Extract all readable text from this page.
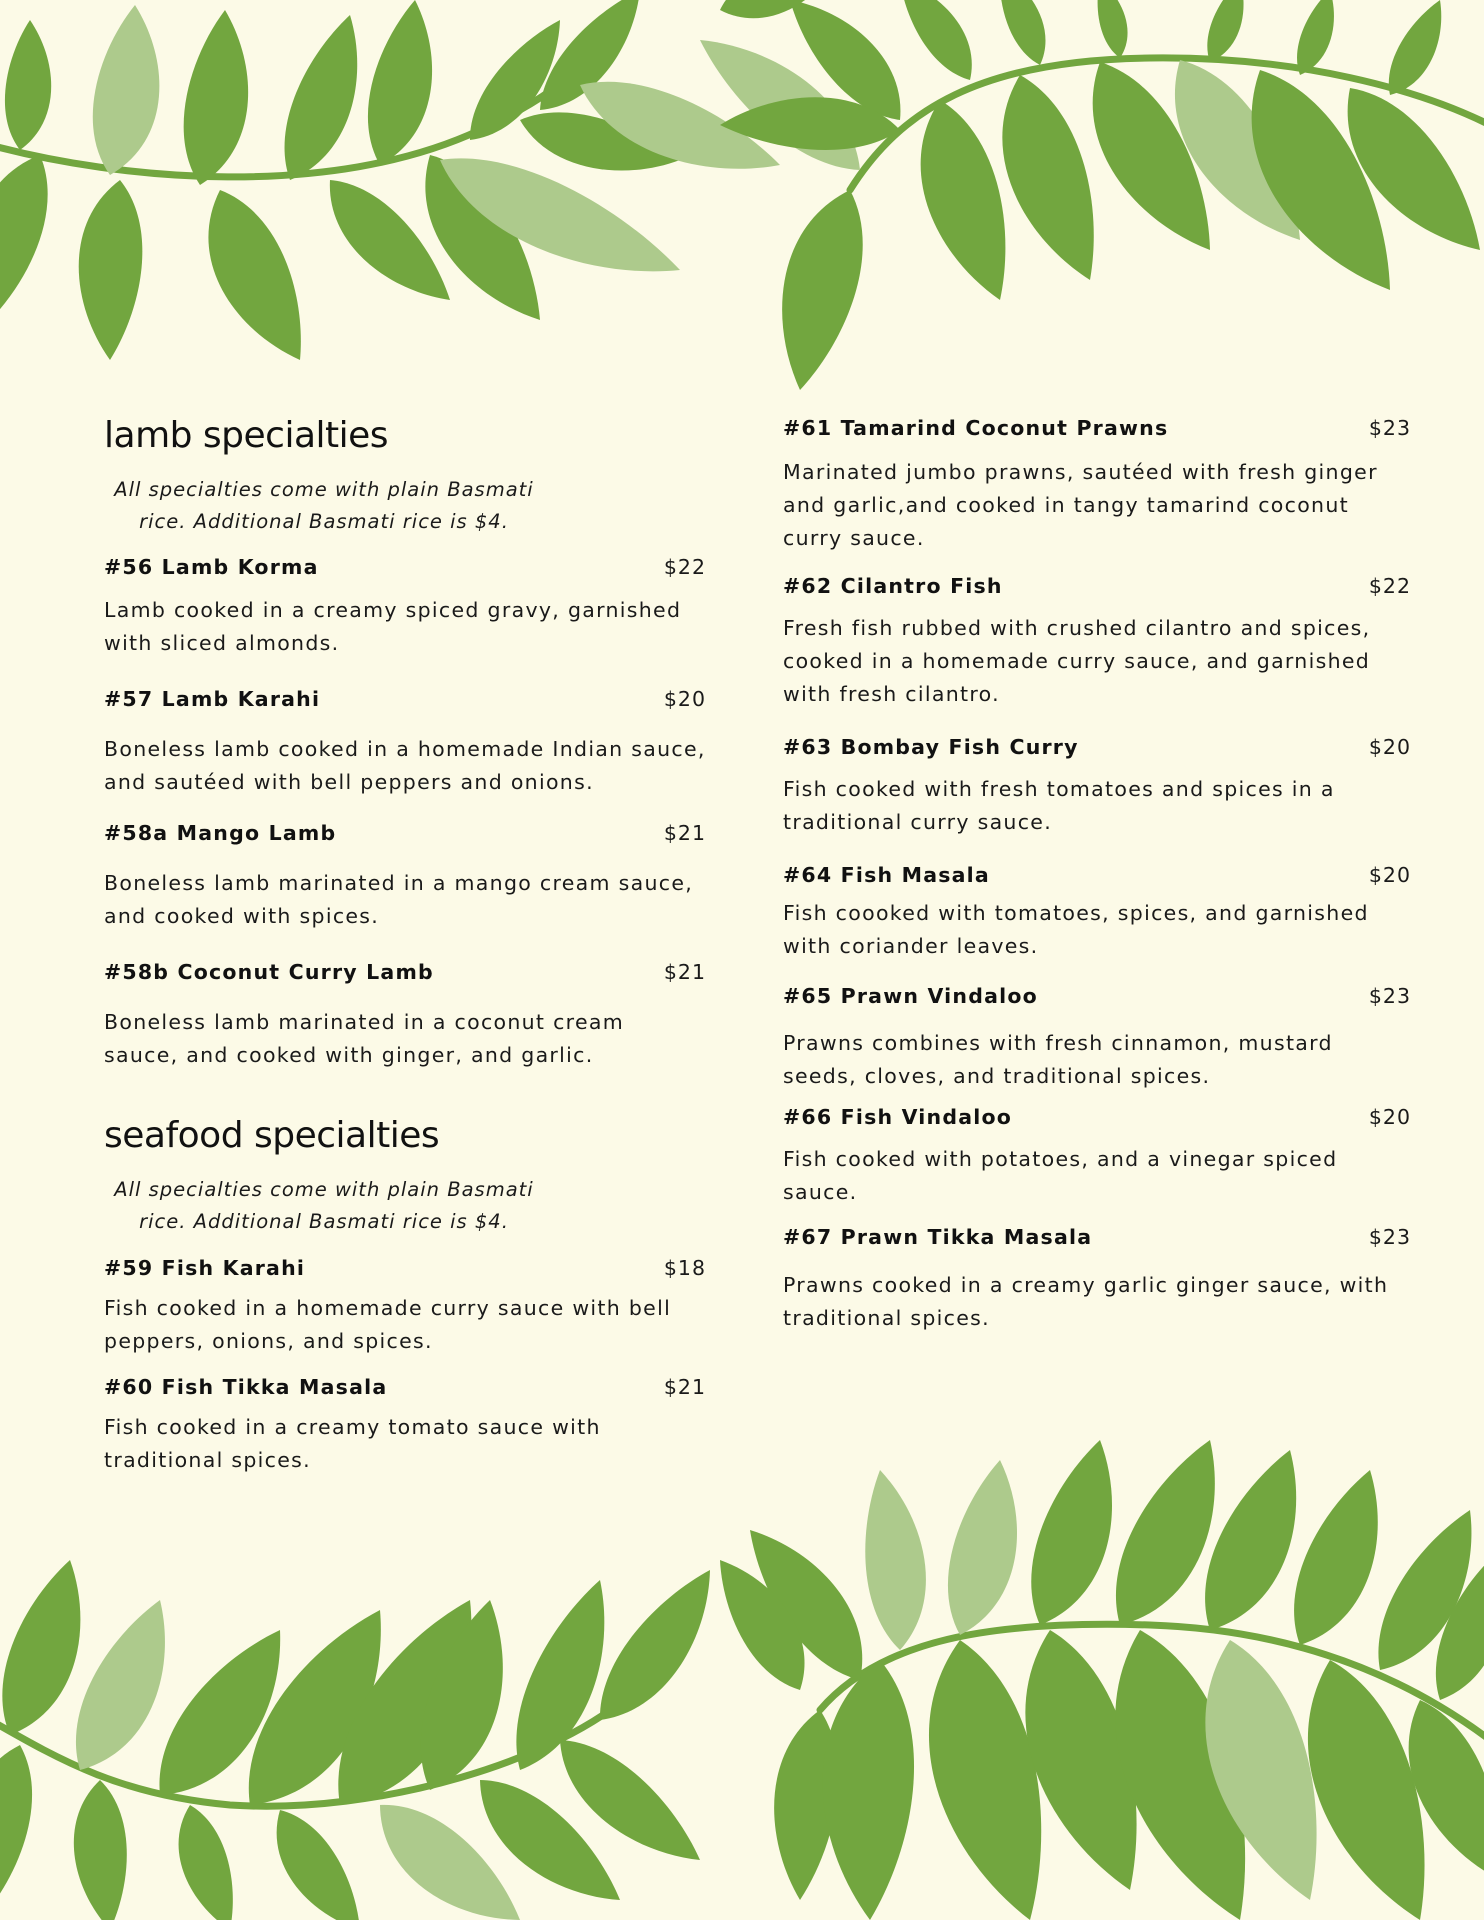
lamb specialties
All specialties come with plain Basmati
rice. Additional Basmati rice is $4.
#56 Lamb Korma	$22

Lamb cooked in a creamy spiced gravy, garnished with sliced almonds.

#57 Lamb Karahi	$20

Boneless lamb cooked in a homemade Indian sauce, and sautéed with bell peppers and onions.

#58a Mango Lamb	$21

Boneless lamb marinated in a mango cream sauce, and cooked with spices.

#58b Coconut Curry Lamb	$21

Boneless lamb marinated in a coconut cream sauce, and cooked with ginger, and garlic.

seafood specialties
All specialties come with plain Basmati
rice. Additional Basmati rice is $4.
#59 Fish Karahi	$18

Fish cooked in a homemade curry sauce with bell peppers, onions, and spices.

#60 Fish Tikka Masala	$21

Fish cooked in a creamy tomato sauce with traditional spices.

#61 Tamarind Coconut Prawns	$23

Marinated jumbo prawns, sautéed with fresh ginger and garlic,and cooked in tangy tamarind coconut curry sauce.

#62 Cilantro Fish	$22

Fresh fish rubbed with crushed cilantro and spices, cooked in a homemade curry sauce, and garnished with fresh cilantro.

#63 Bombay Fish Curry	$20

Fish cooked with fresh tomatoes and spices in a traditional curry sauce.

#64 Fish Masala	$20

Fish coooked with tomatoes, spices, and garnished with coriander leaves.

#65 Prawn Vindaloo	$23

Prawns combines with fresh cinnamon, mustard seeds, cloves, and traditional spices.

#66 Fish Vindaloo	$20

Fish cooked with potatoes, and a vinegar spiced sauce.

#67 Prawn Tikka Masala	$23

Prawns cooked in a creamy garlic ginger sauce, with traditional spices.
